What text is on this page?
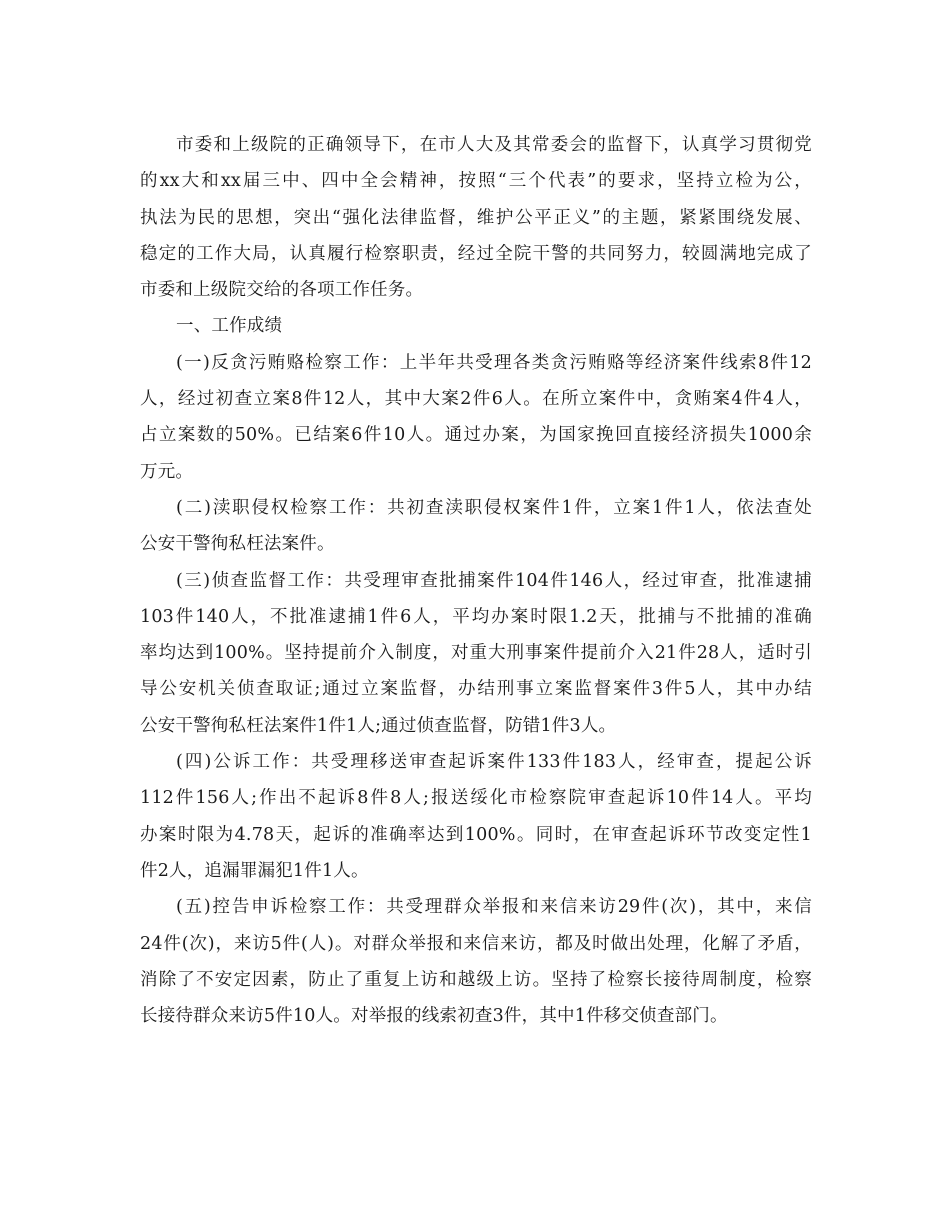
市委和上级院的正确领导下，在市人大及其常委会的监督下，认真学习贯彻党
的xx大和xx届三中、四中全会精神，按照“三个代表”的要求，坚持立检为公，
执法为民的思想，突出“强化法律监督，维护公平正义”的主题，紧紧围绕发展、
稳定的工作大局，认真履行检察职责，经过全院干警的共同努力，较圆满地完成了
市委和上级院交给的各项工作任务。
一、工作成绩
(一)反贪污贿赂检察工作：上半年共受理各类贪污贿赂等经济案件线索8件12
人，经过初查立案8件12人，其中大案2件6人。在所立案件中，贪贿案4件4人，
占立案数的50%。已结案6件10人。通过办案，为国家挽回直接经济损失1000余
万元。
(二)渎职侵权检察工作：共初查渎职侵权案件1件，立案1件1人，依法查处
公安干警徇私枉法案件。
(三)侦查监督工作：共受理审查批捕案件104件146人，经过审查，批准逮捕
103件140人，不批准逮捕1件6人，平均办案时限1.2天，批捕与不批捕的准确
率均达到100%。坚持提前介入制度，对重大刑事案件提前介入21件28人，适时引
导公安机关侦查取证;通过立案监督，办结刑事立案监督案件3件5人，其中办结
公安干警徇私枉法案件1件1人;通过侦查监督，防错1件3人。
(四)公诉工作：共受理移送审查起诉案件133件183人，经审查，提起公诉
112件156人;作出不起诉8件8人;报送绥化市检察院审查起诉10件14人。平均
办案时限为4.78天，起诉的准确率达到100%。同时，在审查起诉环节改变定性1
件2人，追漏罪漏犯1件1人。
(五)控告申诉检察工作：共受理群众举报和来信来访29件(次)，其中，来信
24件(次)，来访5件(人)。对群众举报和来信来访，都及时做出处理，化解了矛盾，
消除了不安定因素，防止了重复上访和越级上访。坚持了检察长接待周制度，检察
长接待群众来访5件10人。对举报的线索初查3件，其中1件移交侦查部门。
